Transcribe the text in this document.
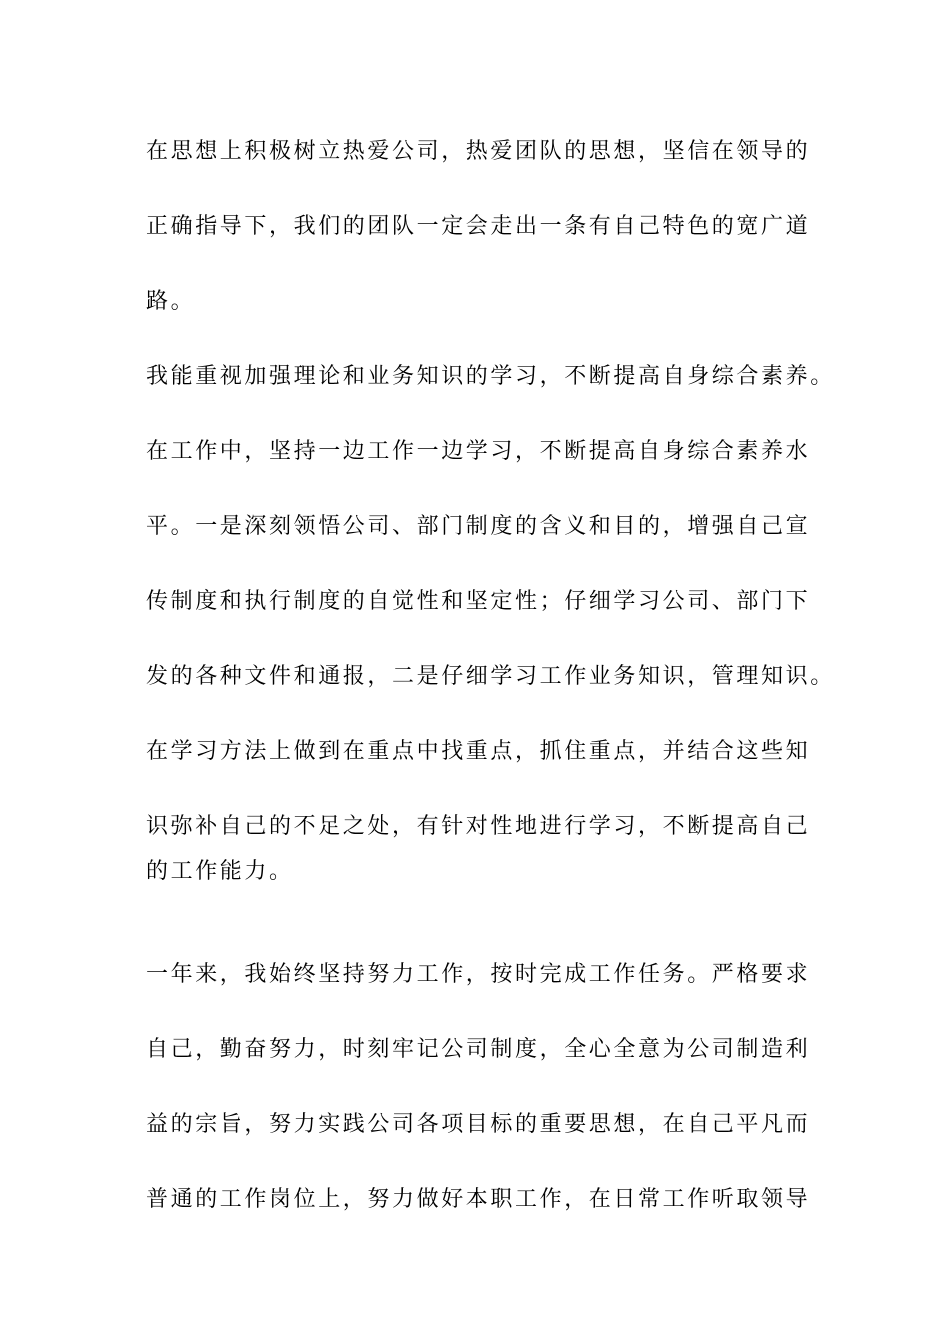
在思想上积极树立热爱公司，热爱团队的思想，坚信在领导的
正确指导下，我们的团队一定会走出一条有自己特色的宽广道
路。
我能重视加强理论和业务知识的学习，不断提高自身综合素养。
在工作中，坚持一边工作一边学习，不断提高自身综合素养水
平。一是深刻领悟公司、部门制度的含义和目的，增强自己宣
传制度和执行制度的自觉性和坚定性；仔细学习公司、部门下
发的各种文件和通报，二是仔细学习工作业务知识，管理知识。
在学习方法上做到在重点中找重点，抓住重点，并结合这些知
识弥补自己的不足之处，有针对性地进行学习，不断提高自己
的工作能力。
一年来，我始终坚持努力工作，按时完成工作任务。严格要求
自己，勤奋努力，时刻牢记公司制度，全心全意为公司制造利
益的宗旨，努力实践公司各项目标的重要思想，在自己平凡而
普通的工作岗位上，努力做好本职工作，在日常工作听取领导
